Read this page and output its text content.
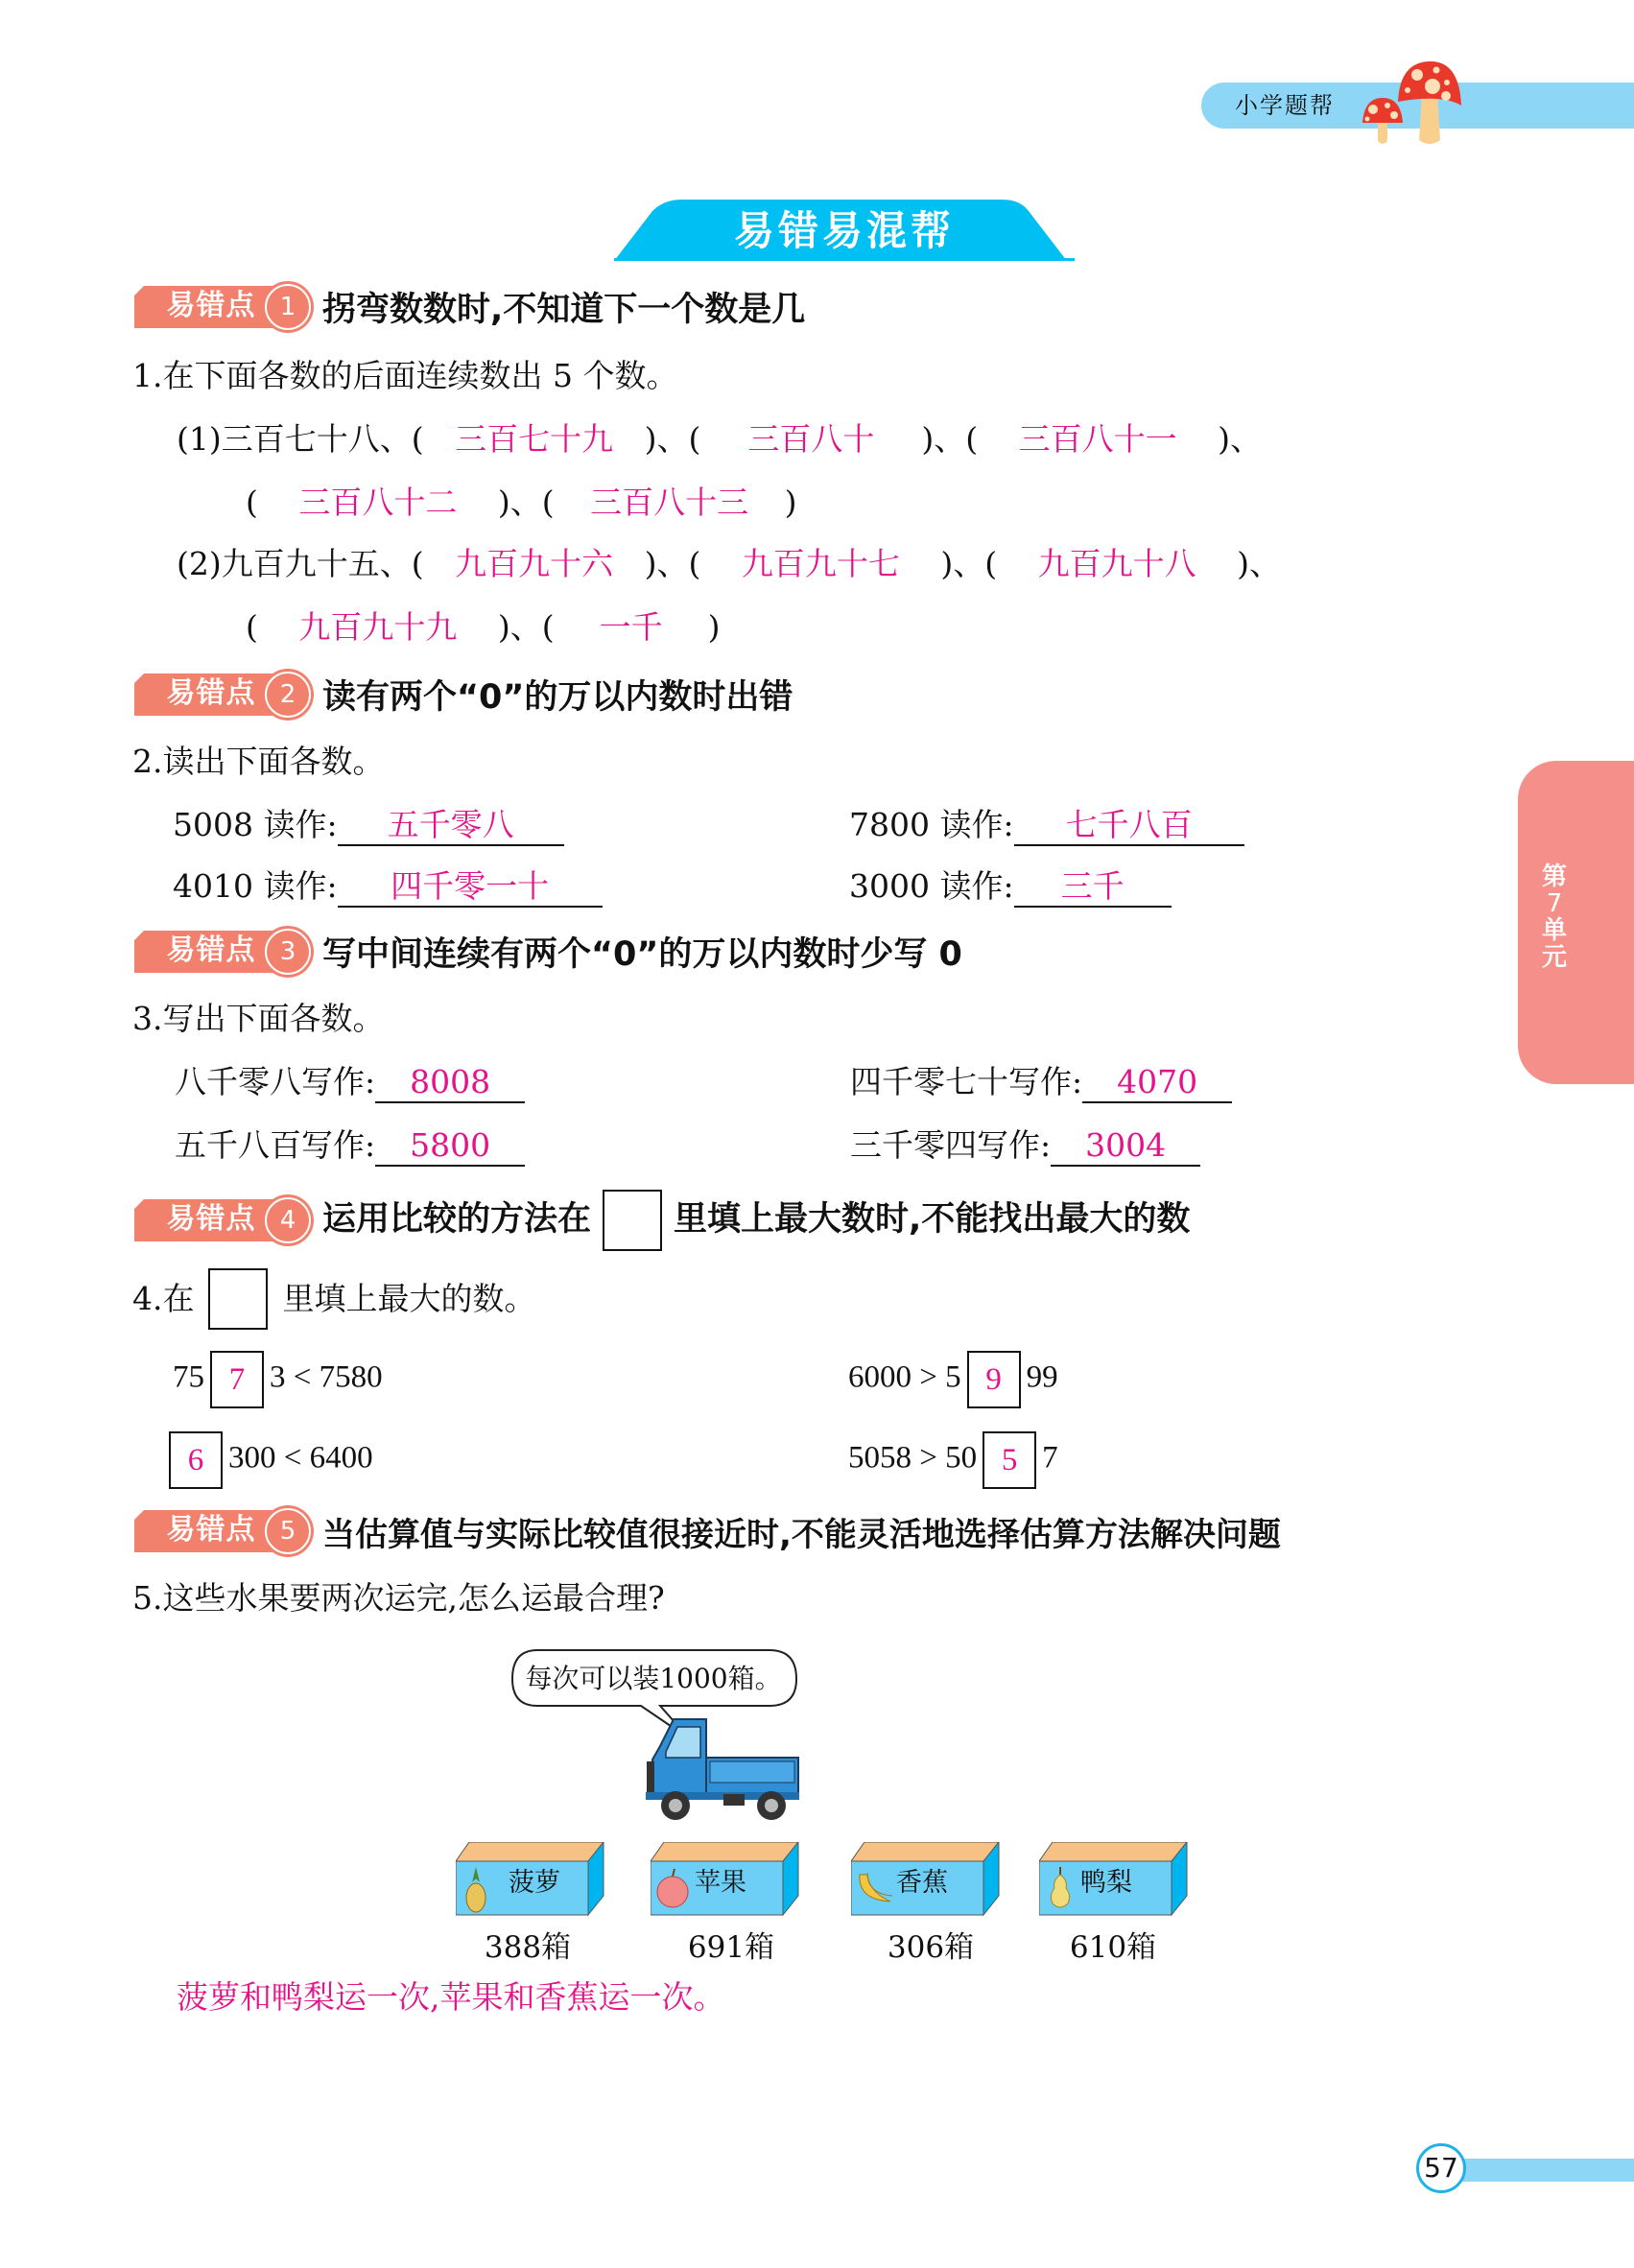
小学题帮
易错易混帮
第
7
单
元
易错点 1 拐弯数数时,不知道下一个数是几
1.在下面各数的后面连续数出 5 个数。
(1)三百七十八、( 三百七十九 )、( 三百八十 )、( 三百八十一 )、
( 三百八十二 )、( 三百八十三 )
(2)九百九十五、( 九百九十六 )、( 九百九十七 )、( 九百九十八 )、
( 九百九十九 )、( 一千 )
易错点 2 读有两个“0”的万以内数时出错
2.读出下面各数。
5008 读作: 五千零八	7800 读作: 七千八百
4010 读作: 四千零一十	3000 读作: 三千
易错点 3 写中间连续有两个“0”的万以内数时少写 0
3.写出下面各数。
八千零八写作: 8008	四千零七十写作: 4070
五千八百写作: 5800	三千零四写作: 3004
易错点 4 运用比较的方法在 里填上最大数时,不能找出最大的数
4.在	里填上最大的数。
75 7 3 < 7580	6000 > 5 9 99
6 300 < 6400	5058 > 50 5 7
易错点 5 当估算值与实际比较值很接近时,不能灵活地选择估算方法解决问题
5.这些水果要两次运完,怎么运最合理?
每次可以装1000箱。
菠萝
388箱
苹果
691箱
香蕉
306箱
鸭梨
610箱
菠萝和鸭梨运一次,苹果和香蕉运一次。
57
